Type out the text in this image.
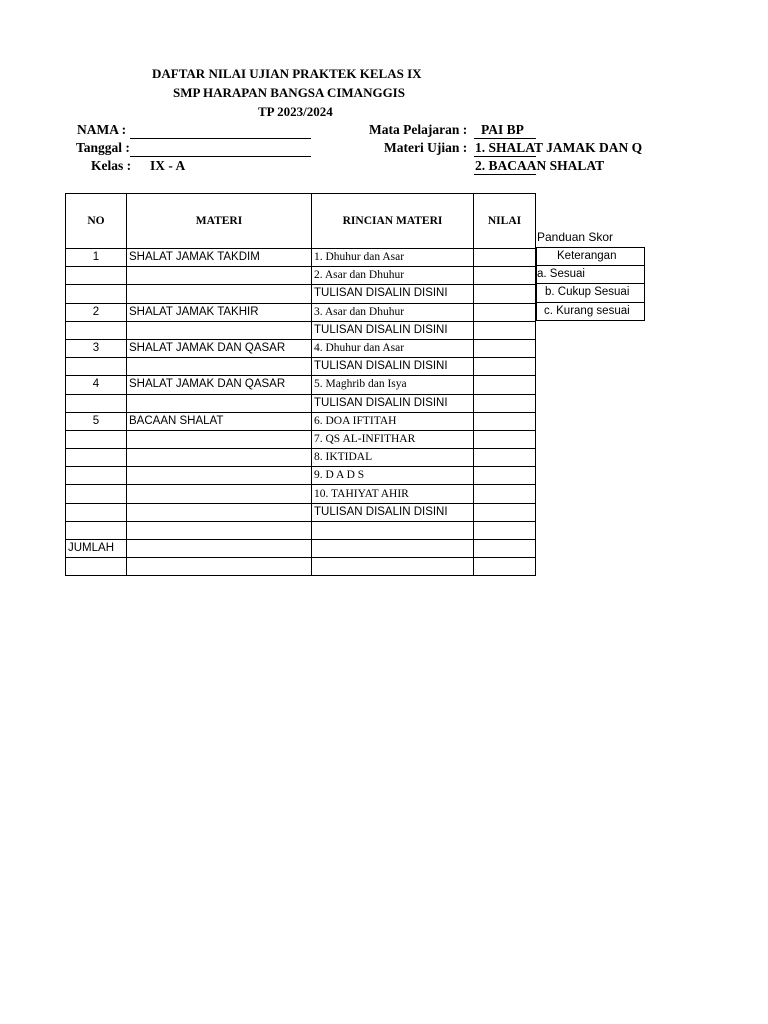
DAFTAR NILAI UJIAN PRAKTEK KELAS IX
SMP HARAPAN BANGSA CIMANGGIS
TP 2023/2024
NAMA :
Tanggal :
Kelas : IX - A
Mata Pelajaran : PAI BP
Materi Ujian : 1. SHALAT JAMAK DAN Q
2. BACAAN SHALAT
NO	MATERI	RINCIAN MATERI	NILAI
1	SHALAT JAMAK TAKDIM	1. Dhuhur dan Asar	
		2. Asar dan Dhuhur	
		TULISAN DISALIN DISINI	
2	SHALAT JAMAK TAKHIR	3. Asar dan Dhuhur	
		TULISAN DISALIN DISINI	
3	SHALAT JAMAK DAN QASAR	4. Dhuhur dan Asar	
		TULISAN DISALIN DISINI	
4	SHALAT JAMAK DAN QASAR	5. Maghrib dan Isya	
		TULISAN DISALIN DISINI	
5	BACAAN SHALAT	6. DOA IFTITAH	
		7. QS AL-INFITHAR	
		8. IKTIDAL	
		9. D A D S	
		10. TAHIYAT AHIR	
		TULISAN DISALIN DISINI	

JUMLAH			

Panduan Skor
Keterangan
a. Sesuai
b. Cukup Sesuai
c. Kurang sesuai
